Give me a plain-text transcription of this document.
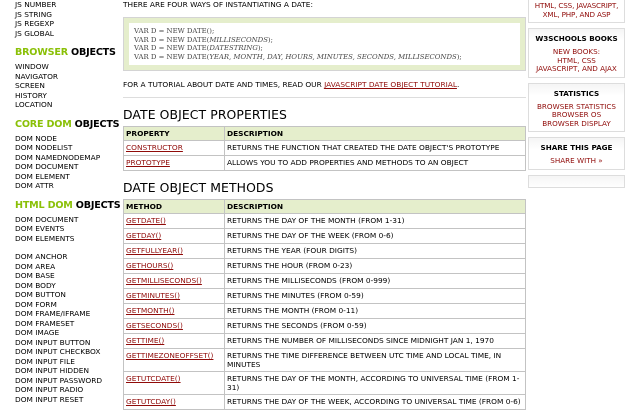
JS NUMBER
JS STRING
JS REGEXP
JS GLOBAL
BROWSER OBJECTS
WINDOW
NAVIGATOR
SCREEN
HISTORY
LOCATION
CORE DOM OBJECTS
DOM NODE
DOM NODELIST
DOM NAMEDNODEMAP
DOM DOCUMENT
DOM ELEMENT
DOM ATTR
HTML DOM OBJECTS
DOM DOCUMENT
DOM EVENTS
DOM ELEMENTS
DOM ANCHOR
DOM AREA
DOM BASE
DOM BODY
DOM BUTTON
DOM FORM
DOM FRAME/IFRAME
DOM FRAMESET
DOM IMAGE
DOM INPUT BUTTON
DOM INPUT CHECKBOX
DOM INPUT FILE
DOM INPUT HIDDEN
DOM INPUT PASSWORD
DOM INPUT RADIO
DOM INPUT RESET
THERE ARE FOUR WAYS OF INSTANTIATING A DATE:
VAR D = NEW DATE();
VAR D = NEW DATE(MILLISECONDS);
VAR D = NEW DATE(DATESTRING);
VAR D = NEW DATE(YEAR, MONTH, DAY, HOURS, MINUTES, SECONDS, MILLISECONDS);
FOR A TUTORIAL ABOUT DATE AND TIMES, READ OUR JAVASCRIPT DATE OBJECT TUTORIAL.
DATE OBJECT PROPERTIES
PROPERTY	DESCRIPTION
CONSTRUCTOR	RETURNS THE FUNCTION THAT CREATED THE DATE OBJECT'S PROTOTYPE
PROTOTYPE	ALLOWS YOU TO ADD PROPERTIES AND METHODS TO AN OBJECT
DATE OBJECT METHODS
METHOD	DESCRIPTION
GETDATE()	RETURNS THE DAY OF THE MONTH (FROM 1-31)
GETDAY()	RETURNS THE DAY OF THE WEEK (FROM 0-6)
GETFULLYEAR()	RETURNS THE YEAR (FOUR DIGITS)
GETHOURS()	RETURNS THE HOUR (FROM 0-23)
GETMILLISECONDS()	RETURNS THE MILLISECONDS (FROM 0-999)
GETMINUTES()	RETURNS THE MINUTES (FROM 0-59)
GETMONTH()	RETURNS THE MONTH (FROM 0-11)
GETSECONDS()	RETURNS THE SECONDS (FROM 0-59)
GETTIME()	RETURNS THE NUMBER OF MILLISECONDS SINCE MIDNIGHT JAN 1, 1970
GETTIMEZONEOFFSET()	RETURNS THE TIME DIFFERENCE BETWEEN UTC TIME AND LOCAL TIME, IN MINUTES
GETUTCDATE()	RETURNS THE DAY OF THE MONTH, ACCORDING TO UNIVERSAL TIME (FROM 1-31)
GETUTCDAY()	RETURNS THE DAY OF THE WEEK, ACCORDING TO UNIVERSAL TIME (FROM 0-6)
HTML, CSS, JAVASCRIPT,
XML, PHP, AND ASP
W3SCHOOLS BOOKS
NEW BOOKS:
HTML, CSS
JAVASCRIPT, AND AJAX
STATISTICS
BROWSER STATISTICS
BROWSER OS
BROWSER DISPLAY
SHARE THIS PAGE
SHARE WITH »
